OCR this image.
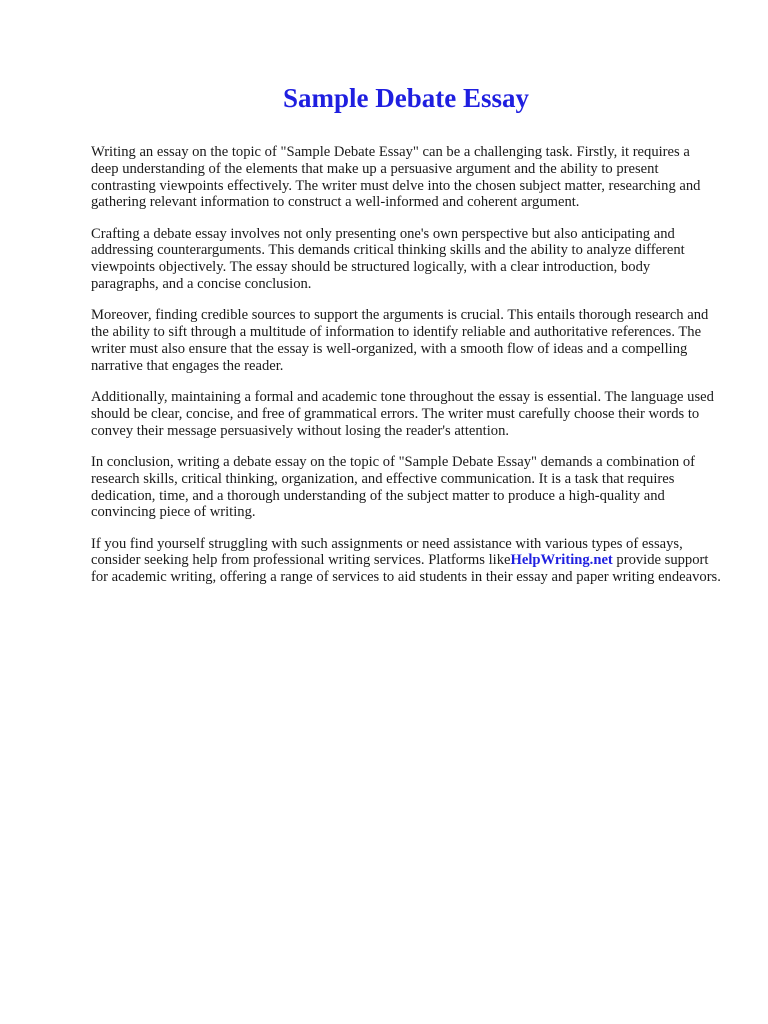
Sample Debate Essay

Writing an essay on the topic of "Sample Debate Essay" can be a challenging task. Firstly, it requires a deep understanding of the elements that make up a persuasive argument and the ability to present contrasting viewpoints effectively. The writer must delve into the chosen subject matter, researching and gathering relevant information to construct a well-informed and coherent argument.

Crafting a debate essay involves not only presenting one's own perspective but also anticipating and addressing counterarguments. This demands critical thinking skills and the ability to analyze different viewpoints objectively. The essay should be structured logically, with a clear introduction, body paragraphs, and a concise conclusion.

Moreover, finding credible sources to support the arguments is crucial. This entails thorough research and the ability to sift through a multitude of information to identify reliable and authoritative references. The writer must also ensure that the essay is well-organized, with a smooth flow of ideas and a compelling narrative that engages the reader.

Additionally, maintaining a formal and academic tone throughout the essay is essential. The language used should be clear, concise, and free of grammatical errors. The writer must carefully choose their words to convey their message persuasively without losing the reader's attention.

In conclusion, writing a debate essay on the topic of "Sample Debate Essay" demands a combination of research skills, critical thinking, organization, and effective communication. It is a task that requires dedication, time, and a thorough understanding of the subject matter to produce a high-quality and convincing piece of writing.

If you find yourself struggling with such assignments or need assistance with various types of essays, consider seeking help from professional writing services. Platforms likeHelpWriting.net provide support for academic writing, offering a range of services to aid students in their essay and paper writing endeavors.
